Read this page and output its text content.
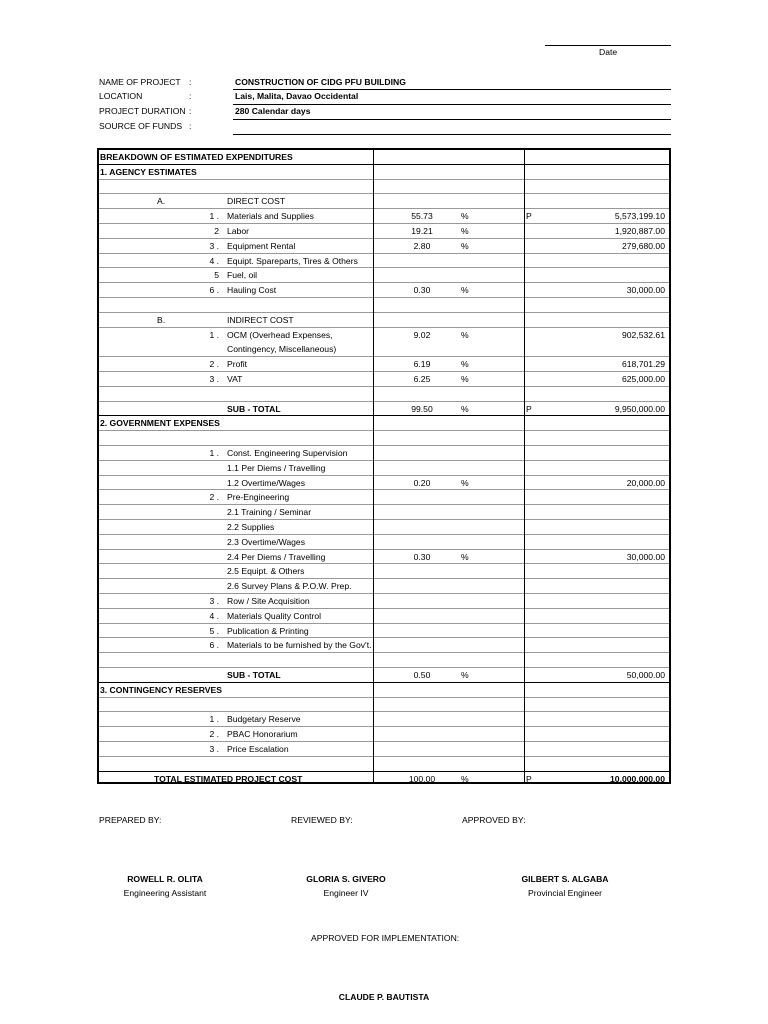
Date
NAME OF PROJECT :	CONSTRUCTION OF CIDG PFU BUILDING
LOCATION	:	Lais, Malita, Davao Occidental
PROJECT DURATION :	280 Calendar days
SOURCE OF FUNDS :
BREAKDOWN OF ESTIMATED EXPENDITURES
1. AGENCY ESTIMATES
A.	DIRECT COST
1 . Materials and Supplies	55.73	%	P	5,573,199.10
2 Labor	19.21	%	1,920,887.00
3 . Equipment Rental	2.80	%	279,680.00
4 . Equipt. Spareparts, Tires & Others
5 Fuel, oil
6 . Hauling Cost	0.30	%	30,000.00
B.	INDIRECT COST
1 . OCM (Overhead Expenses,	9.02	%	902,532.61
Contingency, Miscellaneous)
2 . Profit	6.19	%	618,701.29
3 . VAT	6.25	%	625,000.00
SUB - TOTAL	99.50	%	P	9,950,000.00
2. GOVERNMENT EXPENSES
1 . Const. Engineering Supervision
1.1 Per Diems / Travelling
1.2 Overtime/Wages	0.20	%	20,000.00
2 . Pre-Engineering
2.1 Training / Seminar
2.2 Supplies
2.3 Overtime/Wages
2.4 Per Diems / Travelling	0.30	%	30,000.00
2.5 Equipt. & Others
2.6 Survey Plans & P.O.W. Prep.
3 . Row / Site Acquisition
4 . Materials Quality Control
5 . Publication & Printing
6 . Materials to be furnished by the Gov't.
SUB - TOTAL	0.50	%	50,000.00
3. CONTINGENCY RESERVES
1 . Budgetary Reserve
2 . PBAC Honorarium
3 . Price Escalation
TOTAL ESTIMATED PROJECT COST	100.00	%	P	10,000,000.00
PREPARED BY:	REVIEWED BY:	APPROVED BY:
ROWELL R. OLITA
Engineering Assistant
GLORIA S. GIVERO
Engineer IV
GILBERT S. ALGABA
Provincial Engineer
APPROVED FOR IMPLEMENTATION:
CLAUDE P. BAUTISTA
